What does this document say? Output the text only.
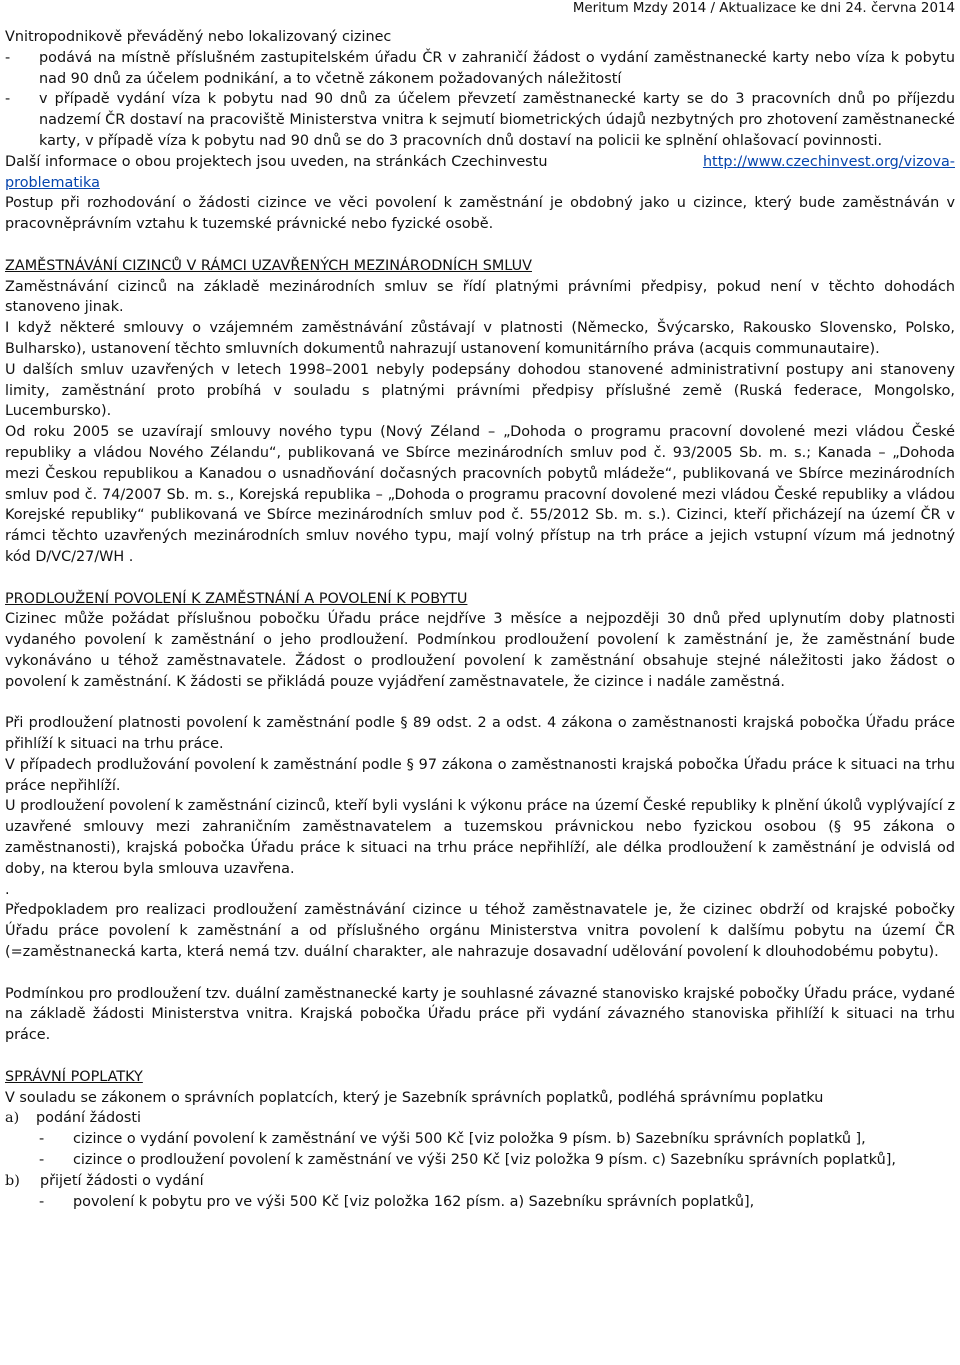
Meritum Mzdy 2014 / Aktualizace ke dni 24. června 2014

Vnitropodnikově převáděný nebo lokalizovaný cizinec

-	podává na místně příslušném zastupitelském úřadu ČR v zahraničí žádost o vydání zaměstnanecké karty nebo víza k pobytu nad 90 dnů za účelem podnikání, a to včetně zákonem požadovaných náležitostí
-	v případě vydání víza k pobytu nad 90 dnů za účelem převzetí zaměstnanecké karty se do 3 pracovních dnů po příjezdu nadzemí ČR dostaví na pracoviště Ministerstva vnitra k sejmutí biometrických údajů nezbytných pro zhotovení zaměstnanecké karty, v případě víza k pobytu nad 90 dnů se do 3 pracovních dnů dostaví na policii ke splnění ohlašovací povinnosti.
Další informace o obou projektech jsou uveden, na stránkách Czechinvestu	http://www.czechinvest.org/vizova-
problematika

Postup při rozhodování o žádosti cizince ve věci povolení k zaměstnání je obdobný jako u cizince, který bude zaměstnáván v pracovněprávním vztahu k tuzemské právnické nebo fyzické osobě.

ZAMĚSTNÁVÁNÍ CIZINCŮ V RÁMCI UZAVŘENÝCH MEZINÁRODNÍCH SMLUV

Zaměstnávání cizinců na základě mezinárodních smluv se řídí platnými právními předpisy, pokud není v těchto dohodách stanoveno jinak.

I když některé smlouvy o vzájemném zaměstnávání zůstávají v platnosti (Německo, Švýcarsko, Rakousko Slovensko, Polsko, Bulharsko), ustanovení těchto smluvních dokumentů nahrazují ustanovení komunitárního práva (acquis communautaire).

U dalších smluv uzavřených v letech 1998–2001 nebyly podepsány dohodou stanovené administrativní postupy ani stanoveny limity, zaměstnání proto probíhá v souladu s platnými právními předpisy příslušné země (Ruská federace, Mongolsko, Lucembursko).

Od roku 2005 se uzavírají smlouvy nového typu (Nový Zéland – „Dohoda o programu pracovní dovolené mezi vládou České republiky a vládou Nového Zélandu“, publikovaná ve Sbírce mezinárodních smluv pod č. 93/2005 Sb. m. s.; Kanada – „Dohoda mezi Českou republikou a Kanadou o usnadňování dočasných pracovních pobytů mládeže“, publikovaná ve Sbírce mezinárodních smluv pod č. 74/2007 Sb. m. s., Korejská republika – „Dohoda o programu pracovní dovolené mezi vládou České republiky a vládou Korejské republiky“ publikovaná ve Sbírce mezinárodních smluv pod č. 55/2012 Sb. m. s.). Cizinci, kteří přicházejí na území ČR v rámci těchto uzavřených mezinárodních smluv nového typu, mají volný přístup na trh práce a jejich vstupní vízum má jednotný kód D/VC/27/WH .

PRODLOUŽENÍ POVOLENÍ K ZAMĚSTNÁNÍ A POVOLENÍ K POBYTU

Cizinec může požádat příslušnou pobočku Úřadu práce nejdříve 3 měsíce a nejpozději 30 dnů před uplynutím doby platnosti vydaného povolení k zaměstnání o jeho prodloužení. Podmínkou prodloužení povolení k zaměstnání je, že zaměstnání bude vykonáváno u téhož zaměstnavatele. Žádost o prodloužení povolení k zaměstnání obsahuje stejné náležitosti jako žádost o povolení k zaměstnání. K žádosti se přikládá pouze vyjádření zaměstnavatele, že cizince i nadále zaměstná.

Při prodloužení platnosti povolení k zaměstnání podle § 89 odst. 2 a odst. 4 zákona o zaměstnanosti krajská pobočka Úřadu práce přihlíží k situaci na trhu práce.

V případech prodlužování povolení k zaměstnání podle § 97 zákona o zaměstnanosti krajská pobočka Úřadu práce k situaci na trhu práce nepřihlíží.

U prodloužení povolení k zaměstnání cizinců, kteří byli vysláni k výkonu práce na území České republiky k plnění úkolů vyplývající z uzavřené smlouvy mezi zahraničním zaměstnavatelem a tuzemskou právnickou nebo fyzickou osobou (§ 95 zákona o zaměstnanosti), krajská pobočka Úřadu práce k situaci na trhu práce nepřihlíží, ale délka prodloužení k zaměstnání je odvislá od doby, na kterou byla smlouva uzavřena.

.

Předpokladem pro realizaci prodloužení zaměstnávání cizince u téhož zaměstnavatele je, že cizinec obdrží od krajské pobočky Úřadu práce povolení k zaměstnání a od příslušného orgánu Ministerstva vnitra povolení k dalšímu pobytu na území ČR (=zaměstnanecká karta, která nemá tzv. duální charakter, ale nahrazuje dosavadní udělování povolení k dlouhodobému pobytu).

Podmínkou pro prodloužení tzv. duální zaměstnanecké karty je souhlasné závazné stanovisko krajské pobočky Úřadu práce, vydané na základě žádosti Ministerstva vnitra. Krajská pobočka Úřadu práce při vydání závazného stanoviska přihlíží k situaci na trhu práce.

SPRÁVNÍ POPLATKY

V souladu se zákonem o správních poplatcích, který je Sazebník správních poplatků, podléhá správnímu poplatku

a)	podání žádosti
-	cizince o vydání povolení k zaměstnání ve výši 500 Kč [viz položka 9 písm. b) Sazebníku správních poplatků ],
-	cizince o prodloužení povolení k zaměstnání ve výši 250 Kč [viz položka 9 písm. c) Sazebníku správních poplatků],
b)	přijetí žádosti o vydání
-	povolení k pobytu pro ve výši 500 Kč [viz položka 162 písm. a) Sazebníku správních poplatků],
